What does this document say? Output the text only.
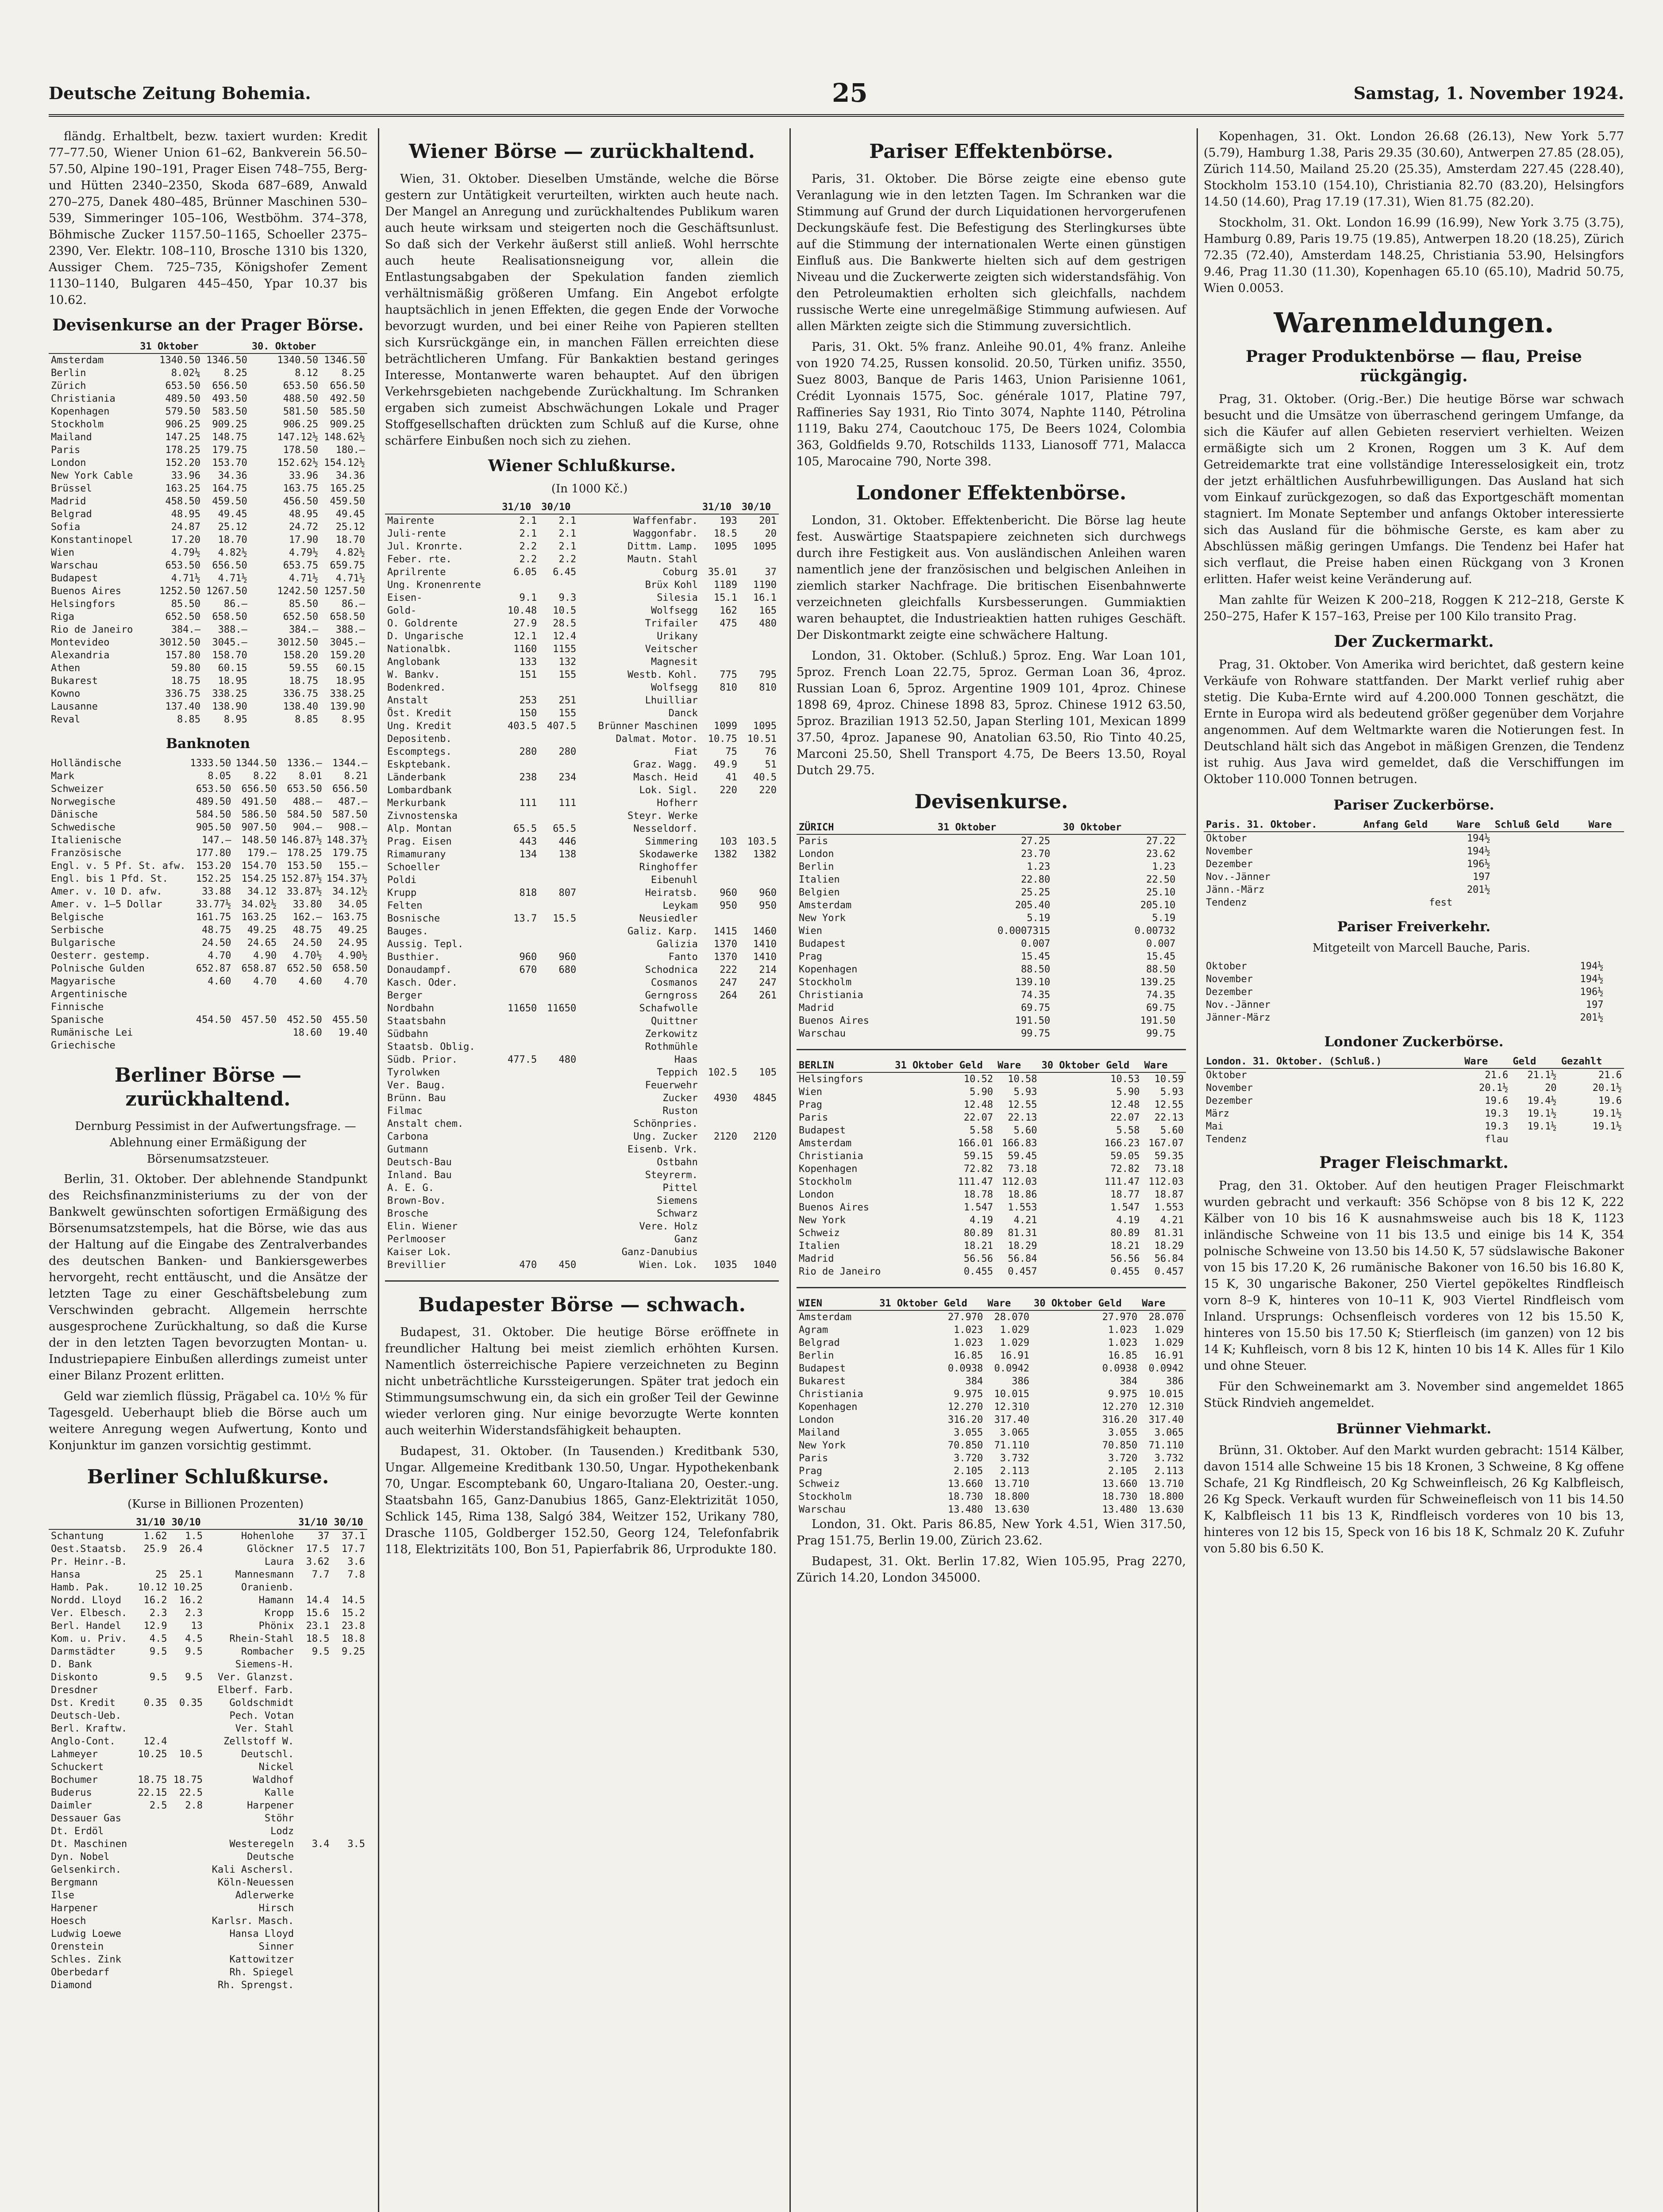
Deutsche Zeitung Bohemia.	25	Samstag, 1. November 1924.

fländg. Erhaltbelt, bezw. taxiert wurden: Kredit 77–77.50, Wiener Union 61–62, Bankverein 56.50–57.50, Alpine 190–191, Prager Eisen 748–755, Berg- und Hütten 2340–2350, Skoda 687–689, Anwald 270–275, Danek 480–485, Brünner Maschinen 530–539, Simmeringer 105–106, Westböhm. 374–378, Böhmische Zucker 1157.50–1165, Schoeller 2375–2390, Ver. Elektr. 108–110, Brosche 1310 bis 1320, Aussiger Chem. 725–735, Königshofer Zement 1130–1140, Bulgaren 445–450, Ypar 10.37 bis 10.62.

Devisenkurse an der Prager Börse.
	31 Oktober		30. Oktober	
Amsterdam	1340.50	1346.50	1340.50	1346.50
Berlin	8.02¼	8.25	8.12	8.25
Zürich	653.50	656.50	653.50	656.50
Christiania	489.50	493.50	488.50	492.50
Kopenhagen	579.50	583.50	581.50	585.50
Stockholm	906.25	909.25	906.25	909.25
Mailand	147.25	148.75	147.12½	148.62½
Paris	178.25	179.75	178.50	180.—
London	152.20	153.70	152.62½	154.12½
New York Cable	33.96	34.36	33.96	34.36
Brüssel	163.25	164.75	163.75	165.25
Madrid	458.50	459.50	456.50	459.50
Belgrad	48.95	49.45	48.95	49.45
Sofia	24.87	25.12	24.72	25.12
Konstantinopel	17.20	18.70	17.90	18.70
Wien	4.79½	4.82½	4.79½	4.82½
Warschau	653.50	656.50	653.75	659.75
Budapest	4.71½	4.71½	4.71½	4.71½
Buenos Aires	1252.50	1267.50	1242.50	1257.50
Helsingfors	85.50	86.—	85.50	86.—
Riga	652.50	658.50	652.50	658.50
Rio de Janeiro	384.—	388.—	384.—	388.—
Montevideo	3012.50	3045.—	3012.50	3045.—
Alexandria	157.80	158.70	158.20	159.20
Athen	59.80	60.15	59.55	60.15
Bukarest	18.75	18.95	18.75	18.95
Kowno	336.75	338.25	336.75	338.25
Lausanne	137.40	138.90	138.40	139.90
Reval	8.85	8.95	8.85	8.95
Banknoten
Holländische	1333.50	1344.50	1336.—	1344.—
Mark	8.05	8.22	8.01	8.21
Schweizer	653.50	656.50	653.50	656.50
Norwegische	489.50	491.50	488.—	487.—
Dänische	584.50	586.50	584.50	587.50
Schwedische	905.50	907.50	904.—	908.—
Italienische	147.—	148.50	146.87½	148.37½
Französische	177.80	179.—	178.25	179.75
Engl. v. 5 Pf. St. afw.	153.20	154.70	153.50	155.—
Engl. bis 1 Pfd. St.	152.25	154.25	152.87½	154.37½
Amer. v. 10 D. afw.	33.88	34.12	33.87½	34.12½
Amer. v. 1–5 Dollar	33.77½	34.02½	33.80	34.05
Belgische	161.75	163.25	162.—	163.75
Serbische	48.75	49.25	48.75	49.25
Bulgarische	24.50	24.65	24.50	24.95
Oesterr. gestemp.	4.70	4.90	4.70½	4.90½
Polnische Gulden	652.87	658.87	652.50	658.50
Magyarische	4.60	4.70	4.60	4.70
Argentinische				
Finnische				
Spanische	454.50	457.50	452.50	455.50
Rumänische Lei			18.60	19.40
Griechische				
Berliner Börse — zurückhaltend.

Dernburg Pessimist in der Aufwertungsfrage. — Ablehnung einer Ermäßigung der Börsenumsatzsteuer.

Berlin, 31. Oktober. Der ablehnende Standpunkt des Reichsfinanzministeriums zu der von der Bankwelt gewünschten sofortigen Ermäßigung des Börsenumsatzstempels, hat die Börse, wie das aus der Haltung auf die Eingabe des Zentralverbandes des deutschen Banken- und Bankiersgewerbes hervorgeht, recht enttäuscht, und die Ansätze der letzten Tage zu einer Geschäftsbelebung zum Verschwinden gebracht. Allgemein herrschte ausgesprochene Zurückhaltung, so daß die Kurse der in den letzten Tagen bevorzugten Montan- u. Industriepapiere Einbußen allerdings zumeist unter einer Bilanz Prozent erlitten.

Geld war ziemlich flüssig, Prägabel ca. 10½ % für Tagesgeld. Ueberhaupt blieb die Börse auch um weitere Anregung wegen Aufwertung, Konto und Konjunktur im ganzen vorsichtig gestimmt.

Berliner Schlußkurse.

(Kurse in Billionen Prozenten)

	31/10	30/10		31/10	30/10
Schantung	1.62	1.5	Hohenlohe	37	37.1
Oest.Staatsb.	25.9	26.4	Glöckner	17.5	17.7
Pr. Heinr.-B.			Laura	3.62	3.6
Hansa	25	25.1	Mannesmann	7.7	7.8
Hamb. Pak.	10.12	10.25	Oranienb.		
Nordd. Lloyd	16.2	16.2	Hamann	14.4	14.5
Ver. Elbesch.	2.3	2.3	Kropp	15.6	15.2
Berl. Handel	12.9	13	Phönix	23.1	23.8
Kom. u. Priv.	4.5	4.5	Rhein-Stahl	18.5	18.8
Darmstädter	9.5	9.5	Rombacher	9.5	9.25
D. Bank			Siemens-H.		
Diskonto	9.5	9.5	Ver. Glanzst.		
Dresdner			Elberf. Farb.		
Dst. Kredit	0.35	0.35	Goldschmidt		
Deutsch-Ueb.			Pech. Votan		
Berl. Kraftw.			Ver. Stahl		
Anglo-Cont.	12.4		Zellstoff W.		
Lahmeyer	10.25	10.5	Deutschl.		
Schuckert			Nickel		
Bochumer	18.75	18.75	Waldhof		
Buderus	22.15	22.5	Kalle		
Daimler	2.5	2.8	Harpener		
Dessauer Gas			Stöhr		
Dt. Erdöl			Lodz		
Dt. Maschinen			Westeregeln	3.4	3.5
Dyn. Nobel			Deutsche		
Gelsenkirch.			Kali Aschersl.		
Bergmann			Köln-Neuessen		
Ilse			Adlerwerke		
Harpener			Hirsch		
Hoesch			Karlsr. Masch.		
Ludwig Loewe			Hansa Lloyd		
Orenstein			Sinner		
Schles. Zink			Kattowitzer		
Oberbedarf			Rh. Spiegel		
Diamond			Rh. Sprengst.		
Wiener Börse — zurückhaltend.

Wien, 31. Oktober. Dieselben Umstände, welche die Börse gestern zur Untätigkeit verurteilten, wirkten auch heute nach. Der Mangel an Anregung und zurückhaltendes Publikum waren auch heute wirksam und steigerten noch die Geschäftsunlust. So daß sich der Verkehr äußerst still anließ. Wohl herrschte auch heute Realisationsneigung vor, allein die Entlastungsabgaben der Spekulation fanden ziemlich verhältnismäßig größeren Umfang. Ein Angebot erfolgte hauptsächlich in jenen Effekten, die gegen Ende der Vorwoche bevorzugt wurden, und bei einer Reihe von Papieren stellten sich Kursrückgänge ein, in manchen Fällen erreichten diese beträchtlicheren Umfang. Für Bankaktien bestand geringes Interesse, Montanwerte waren behauptet. Auf den übrigen Verkehrsgebieten nachgebende Zurückhaltung. Im Schranken ergaben sich zumeist Abschwächungen Lokale und Prager Stoffgesellschaften drückten zum Schluß auf die Kurse, ohne schärfere Einbußen noch sich zu ziehen.

Wiener Schlußkurse.

(In 1000 Kč.)

	31/10	30/10		31/10	30/10
Mairente	2.1	2.1	Waffenfabr.	193	201
Juli-rente	2.1	2.1	Waggonfabr.	18.5	20
Jul. Kronrte.	2.2	2.1	Dittm. Lamp.	1095	1095
Feber. rte.	2.2	2.2	Mautn. Stahl		
Aprilrente	6.05	6.45	Coburg	35.01	37
Ung. Kronenrente			Brüx Kohl	1189	1190
Eisen-	9.1	9.3	Silesia	15.1	16.1
Gold-	10.48	10.5	Wolfsegg	162	165
O. Goldrente	27.9	28.5	Trifailer	475	480
D. Ungarische	12.1	12.4	Urikany		
Nationalbk.	1160	1155	Veitscher		
Anglobank	133	132	Magnesit		
W. Bankv.	151	155	Westb. Kohl.	775	795
Bodenkred.			Wolfsegg	810	810
Anstalt	253	251	Lhuilliar		
Öst. Kredit	150	155	Danck		
Ung. Kredit	403.5	407.5	Brünner Maschinen	1099	1095
Depositenb.			Dalmat. Motor.	10.75	10.51
Escomptegs.	280	280	Fiat	75	76
Eskptebank.			Graz. Wagg.	49.9	51
Länderbank	238	234	Masch. Heid	41	40.5
Lombardbank			Lok. Sigl.	220	220
Merkurbank	111	111	Hofherr		
Zivnostenska			Steyr. Werke		
Alp. Montan	65.5	65.5	Nesseldorf.		
Prag. Eisen	443	446	Simmering	103	103.5
Rimamurany	134	138	Skodawerke	1382	1382
Schoeller			Ringhoffer		
Poldi			Eibenuhl		
Krupp	818	807	Heiratsb.	960	960
Felten			Leykam	950	950
Bosnische	13.7	15.5	Neusiedler		
Bauges.			Galiz. Karp.	1415	1460
Aussig. Tepl.			Galizia	1370	1410
Busthier.	960	960	Fanto	1370	1410
Donaudampf.	670	680	Schodnica	222	214
Kasch. Oder.			Cosmanos	247	247
Berger			Gerngross	264	261
Nordbahn	11650	11650	Schafwolle		
Staatsbahn			Quittner		
Südbahn			Zerkowitz		
Staatsb. Oblig.			Rothmühle		
Südb. Prior.	477.5	480	Haas		
Tyrolwken			Teppich	102.5	105
Ver. Baug.			Feuerwehr		
Brünn. Bau			Zucker	4930	4845
Filmac			Ruston		
Anstalt chem.			Schönpries.		
Carbona			Ung. Zucker	2120	2120
Gutmann			Eisenb. Vrk.		
Deutsch-Bau			Ostbahn		
Inland. Bau			Steyrerm.		
A. E. G.			Pittel		
Brown-Bov.			Siemens		
Brosche			Schwarz		
Elin. Wiener			Vere. Holz		
Perlmooser			Ganz		
Kaiser Lok.			Ganz-Danubius		
Brevillier	470	450	Wien. Lok.	1035	1040
Budapester Börse — schwach.

Budapest, 31. Oktober. Die heutige Börse eröffnete in freundlicher Haltung bei meist ziemlich erhöhten Kursen. Namentlich österreichische Papiere verzeichneten zu Beginn nicht unbeträchtliche Kurssteigerungen. Später trat jedoch ein Stimmungsumschwung ein, da sich ein großer Teil der Gewinne wieder verloren ging. Nur einige bevorzugte Werte konnten auch weiterhin Widerstandsfähigkeit behaupten.

Budapest, 31. Oktober. (In Tausenden.) Kreditbank 530, Ungar. Allgemeine Kreditbank 130.50, Ungar. Hypothekenbank 70, Ungar. Escomptebank 60, Ungaro-Italiana 20, Oester.-ung. Staatsbahn 165, Ganz-Danubius 1865, Ganz-Elektrizität 1050, Schlick 145, Rima 138, Salgó 384, Weitzer 152, Urikany 780, Drasche 1105, Goldberger 152.50, Georg 124, Telefonfabrik 118, Elektrizitäts 100, Bon 51, Papierfabrik 86, Urprodukte 180.

Pariser Effektenbörse.

Paris, 31. Oktober. Die Börse zeigte eine ebenso gute Veranlagung wie in den letzten Tagen. Im Schranken war die Stimmung auf Grund der durch Liquidationen hervorgerufenen Deckungskäufe fest. Die Befestigung des Sterlingkurses übte auf die Stimmung der internationalen Werte einen günstigen Einfluß aus. Die Bankwerte hielten sich auf dem gestrigen Niveau und die Zuckerwerte zeigten sich widerstandsfähig. Von den Petroleumaktien erholten sich gleichfalls, nachdem russische Werte eine unregelmäßige Stimmung aufwiesen. Auf allen Märkten zeigte sich die Stimmung zuversichtlich.

Paris, 31. Okt. 5% franz. Anleihe 90.01, 4% franz. Anleihe von 1920 74.25, Russen konsolid. 20.50, Türken unifiz. 3550, Suez 8003, Banque de Paris 1463, Union Parisienne 1061, Crédit Lyonnais 1575, Soc. générale 1017, Platine 797, Raffineries Say 1931, Rio Tinto 3074, Naphte 1140, Pétrolina 1119, Baku 274, Caoutchouc 175, De Beers 1024, Colombia 363, Goldfields 9.70, Rotschilds 1133, Lianosoff 771, Malacca 105, Marocaine 790, Norte 398.

Londoner Effektenbörse.

London, 31. Oktober. Effektenbericht. Die Börse lag heute fest. Auswärtige Staatspapiere zeichneten sich durchwegs durch ihre Festigkeit aus. Von ausländischen Anleihen waren namentlich jene der französischen und belgischen Anleihen in ziemlich starker Nachfrage. Die britischen Eisenbahnwerte verzeichneten gleichfalls Kursbesserungen. Gummiaktien waren behauptet, die Industrieaktien hatten ruhiges Geschäft. Der Diskontmarkt zeigte eine schwächere Haltung.

London, 31. Oktober. (Schluß.) 5proz. Eng. War Loan 101, 5proz. French Loan 22.75, 5proz. German Loan 36, 4proz. Russian Loan 6, 5proz. Argentine 1909 101, 4proz. Chinese 1898 69, 4proz. Chinese 1898 83, 5proz. Chinese 1912 63.50, 5proz. Brazilian 1913 52.50, Japan Sterling 101, Mexican 1899 37.50, 4proz. Japanese 90, Anatolian 63.50, Rio Tinto 40.25, Marconi 25.50, Shell Transport 4.75, De Beers 13.50, Royal Dutch 29.75.

Devisenkurse.
ZÜRICH	31 Oktober		30 Oktober	
Paris	27.25		27.22	
London	23.70		23.62	
Berlin	1.23		1.23	
Italien	22.80		22.50	
Belgien	25.25		25.10	
Amsterdam	205.40		205.10	
New York	5.19		5.19	
Wien	0.0007315		0.00732	
Budapest	0.007		0.007	
Prag	15.45		15.45	
Kopenhagen	88.50		88.50	
Stockholm	139.10		139.25	
Christiania	74.35		74.35	
Madrid	69.75		69.75	
Buenos Aires	191.50		191.50	
Warschau	99.75		99.75	
BERLIN	31 Oktober Geld	Ware	30 Oktober Geld	Ware
Helsingfors	10.52	10.58	10.53	10.59
Wien	5.90	5.93	5.90	5.93
Prag	12.48	12.55	12.48	12.55
Paris	22.07	22.13	22.07	22.13
Budapest	5.58	5.60	5.58	5.60
Amsterdam	166.01	166.83	166.23	167.07
Christiania	59.15	59.45	59.05	59.35
Kopenhagen	72.82	73.18	72.82	73.18
Stockholm	111.47	112.03	111.47	112.03
London	18.78	18.86	18.77	18.87
Buenos Aires	1.547	1.553	1.547	1.553
New York	4.19	4.21	4.19	4.21
Schweiz	80.89	81.31	80.89	81.31
Italien	18.21	18.29	18.21	18.29
Madrid	56.56	56.84	56.56	56.84
Rio de Janeiro	0.455	0.457	0.455	0.457
WIEN	31 Oktober Geld	Ware	30 Oktober Geld	Ware
Amsterdam	27.970	28.070	27.970	28.070
Agram	1.023	1.029	1.023	1.029
Belgrad	1.023	1.029	1.023	1.029
Berlin	16.85	16.91	16.85	16.91
Budapest	0.0938	0.0942	0.0938	0.0942
Bukarest	384	386	384	386
Christiania	9.975	10.015	9.975	10.015
Kopenhagen	12.270	12.310	12.270	12.310
London	316.20	317.40	316.20	317.40
Mailand	3.055	3.065	3.055	3.065
New York	70.850	71.110	70.850	71.110
Paris	3.720	3.732	3.720	3.732
Prag	2.105	2.113	2.105	2.113
Schweiz	13.660	13.710	13.660	13.710
Stockholm	18.730	18.800	18.730	18.800
Warschau	13.480	13.630	13.480	13.630

London, 31. Okt. Paris 86.85, New York 4.51, Wien 317.50, Prag 151.75, Berlin 19.00, Zürich 23.62.

Budapest, 31. Okt. Berlin 17.82, Wien 105.95, Prag 2270, Zürich 14.20, London 345000.

Kopenhagen, 31. Okt. London 26.68 (26.13), New York 5.77 (5.79), Hamburg 1.38, Paris 29.35 (30.60), Antwerpen 27.85 (28.05), Zürich 114.50, Mailand 25.20 (25.35), Amsterdam 227.45 (228.40), Stockholm 153.10 (154.10), Christiania 82.70 (83.20), Helsingfors 14.50 (14.60), Prag 17.19 (17.31), Wien 81.75 (82.20).

Stockholm, 31. Okt. London 16.99 (16.99), New York 3.75 (3.75), Hamburg 0.89, Paris 19.75 (19.85), Antwerpen 18.20 (18.25), Zürich 72.35 (72.40), Amsterdam 148.25, Christiania 53.90, Helsingfors 9.46, Prag 11.30 (11.30), Kopenhagen 65.10 (65.10), Madrid 50.75, Wien 0.0053.

Warenmeldungen.
Prager Produktenbörse — flau, Preise rückgängig.

Prag, 31. Oktober. (Orig.-Ber.) Die heutige Börse war schwach besucht und die Umsätze von überraschend geringem Umfange, da sich die Käufer auf allen Gebieten reserviert verhielten. Weizen ermäßigte sich um 2 Kronen, Roggen um 3 K. Auf dem Getreidemarkte trat eine vollständige Interesselosigkeit ein, trotz der jetzt erhältlichen Ausfuhrbewilligungen. Das Ausland hat sich vom Einkauf zurückgezogen, so daß das Exportgeschäft momentan stagniert. Im Monate September und anfangs Oktober interessierte sich das Ausland für die böhmische Gerste, es kam aber zu Abschlüssen mäßig geringen Umfangs. Die Tendenz bei Hafer hat sich verflaut, die Preise haben einen Rückgang von 3 Kronen erlitten. Hafer weist keine Veränderung auf.

Man zahlte für Weizen K 200–218, Roggen K 212–218, Gerste K 250–275, Hafer K 157–163, Preise per 100 Kilo transito Prag.

Der Zuckermarkt.

Prag, 31. Oktober. Von Amerika wird berichtet, daß gestern keine Verkäufe von Rohware stattfanden. Der Markt verlief ruhig aber stetig. Die Kuba-Ernte wird auf 4.200.000 Tonnen geschätzt, die Ernte in Europa wird als bedeutend größer gegenüber dem Vorjahre angenommen. Auf dem Weltmarkte waren die Notierungen fest. In Deutschland hält sich das Angebot in mäßigen Grenzen, die Tendenz ist ruhig. Aus Java wird gemeldet, daß die Verschiffungen im Oktober 110.000 Tonnen betrugen.

Pariser Zuckerbörse.
Paris. 31. Oktober.	Anfang Geld	Ware	Schluß Geld	Ware
Oktober		194½		
November		194½		
Dezember		196½		
Nov.-Jänner		197		
Jänn.-März		201½		
Tendenz	fest			
Pariser Freiverkehr.

Mitgeteilt von Marcell Bauche, Paris.

Oktober	194½	
November	194½	
Dezember	196½	
Nov.-Jänner	197	
Jänner-März	201½	
Londoner Zuckerbörse.
London. 31. Oktober. (Schluß.)	Ware	Geld	Gezahlt
Oktober	21.6	21.1½	21.6
November	20.1½	20	20.1½
Dezember	19.6	19.4½	19.6
März	19.3	19.1½	19.1½
Mai	19.3	19.1½	19.1½
Tendenz	flau		
Prager Fleischmarkt.

Prag, den 31. Oktober. Auf den heutigen Prager Fleischmarkt wurden gebracht und verkauft: 356 Schöpse von 8 bis 12 K, 222 Kälber von 10 bis 16 K ausnahmsweise auch bis 18 K, 1123 inländische Schweine von 11 bis 13.5 und einige bis 14 K, 354 polnische Schweine von 13.50 bis 14.50 K, 57 südslawische Bakoner von 15 bis 17.20 K, 26 rumänische Bakoner von 16.50 bis 16.80 K, 15 K, 30 ungarische Bakoner, 250 Viertel gepökeltes Rindfleisch vorn 8–9 K, hinteres von 10–11 K, 903 Viertel Rindfleisch vom Inland. Ursprungs: Ochsenfleisch vorderes von 12 bis 15.50 K, hinteres von 15.50 bis 17.50 K; Stierfleisch (im ganzen) von 12 bis 14 K; Kuhfleisch, vorn 8 bis 12 K, hinten 10 bis 14 K. Alles für 1 Kilo und ohne Steuer.

Für den Schweinemarkt am 3. November sind angemeldet 1865 Stück Rindvieh angemeldet.

Brünner Viehmarkt.

Brünn, 31. Oktober. Auf den Markt wurden gebracht: 1514 Kälber, davon 1514 alle Schweine 15 bis 18 Kronen, 3 Schweine, 8 Kg offene Schafe, 21 Kg Rindfleisch, 20 Kg Schweinfleisch, 26 Kg Kalbfleisch, 26 Kg Speck. Verkauft wurden für Schweinefleisch von 11 bis 14.50 K, Kalbfleisch 11 bis 13 K, Rindfleisch vorderes von 10 bis 13, hinteres von 12 bis 15, Speck von 16 bis 18 K, Schmalz 20 K. Zufuhr von 5.80 bis 6.50 K.
